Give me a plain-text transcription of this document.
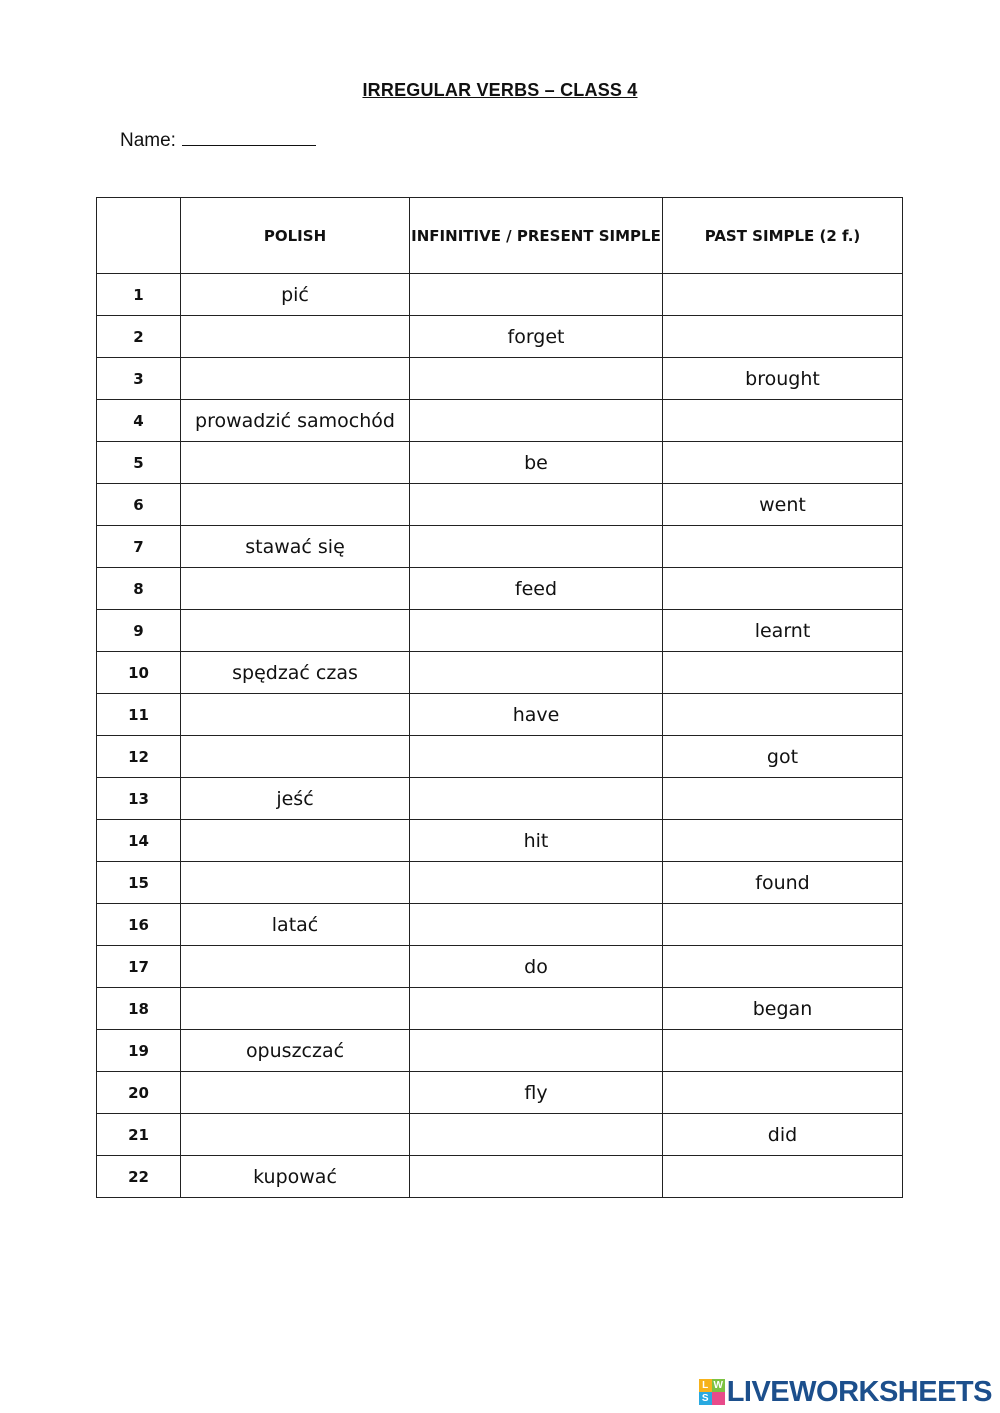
IRREGULAR VERBS – CLASS 4
Name:
	POLISH	INFINITIVE / PRESENT SIMPLE	PAST SIMPLE (2 f.)
1	pić		
2		forget	
3			brought
4	prowadzić samochód		
5		be	
6			went
7	stawać się		
8		feed	
9			learnt
10	spędzać czas		
11		have	
12			got
13	jeść		
14		hit	
15			found
16	latać		
17		do	
18			began
19	opuszczać		
20		fly	
21			did
22	kupować		
L W
S LIVEWORKSHEETS
